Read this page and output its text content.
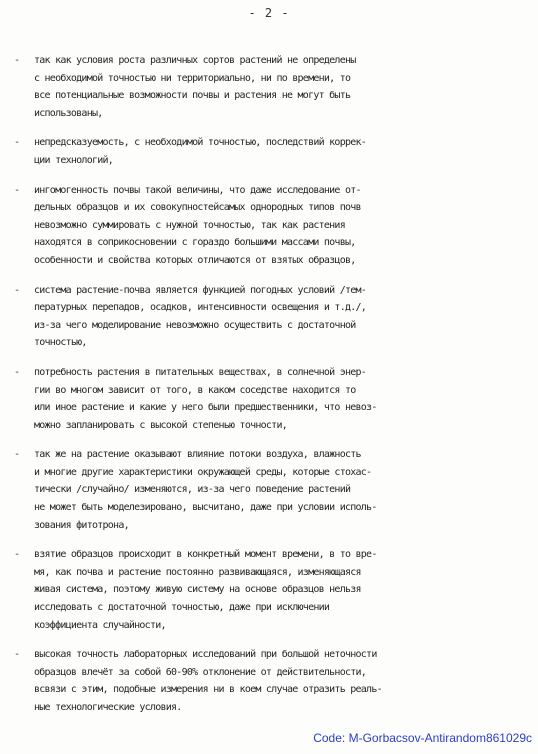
- 2 -
- так как условия роста различных сортов растений не определены
с необходимой точностью ни территориально, ни по времени, то
все потенциальные возможности почвы и растения не могут быть
использованы,
- непредсказуемость, с необходимой точностью, последствий коррек-
ции технологий,
- ингомогенность почвы такой величины, что даже исследование от-
дельных образцов и их совокупностейсамых однородных типов почв
невозможно суммировать с нужной точностью, так как растения
находятся в соприкосновении с гораздо большими массами почвы,
особенности и свойства которых отличаются от взятых образцов,
- система растение-почва является функцией погодных условий /тем-
пературных перепадов, осадков, интенсивности освещения и т.д./,
из-за чего моделирование невозможно осуществить с достаточной
точностью,
- потребность растения в питательных веществах, в солнечной энер-
гии во многом зависит от того, в каком соседстве находится то
или иное растение и какие у него были предшественники, что невоз-
можно запланировать с высокой степенью точности,
- так же на растение оказывают влияние потоки воздуха, влажность
и многие другие характеристики окружающей среды, которые стохас-
тически /случайно/ изменяются, из-за чего поведение растений
не может быть моделезировано, высчитано, даже при условии исполь-
зования фитотрона,
- взятие образцов происходит в конкретный момент времени, в то вре-
мя, как почва и растение постоянно развивающаяся, изменяющаяся
живая система, поэтому живую систему на основе образцов нельзя
исследовать с достаточной точностью, даже при исключении
коэффициента случайности,
- высокая точность лабораторных исследований при большой неточности
образцов влечёт за собой 60-90% отклонение от действительности,
всвязи с этим, подобные измерения ни в коем случае отразить реаль-
ные технологические условия.
Code: M-Gorbacsov-Antirandom861029c
